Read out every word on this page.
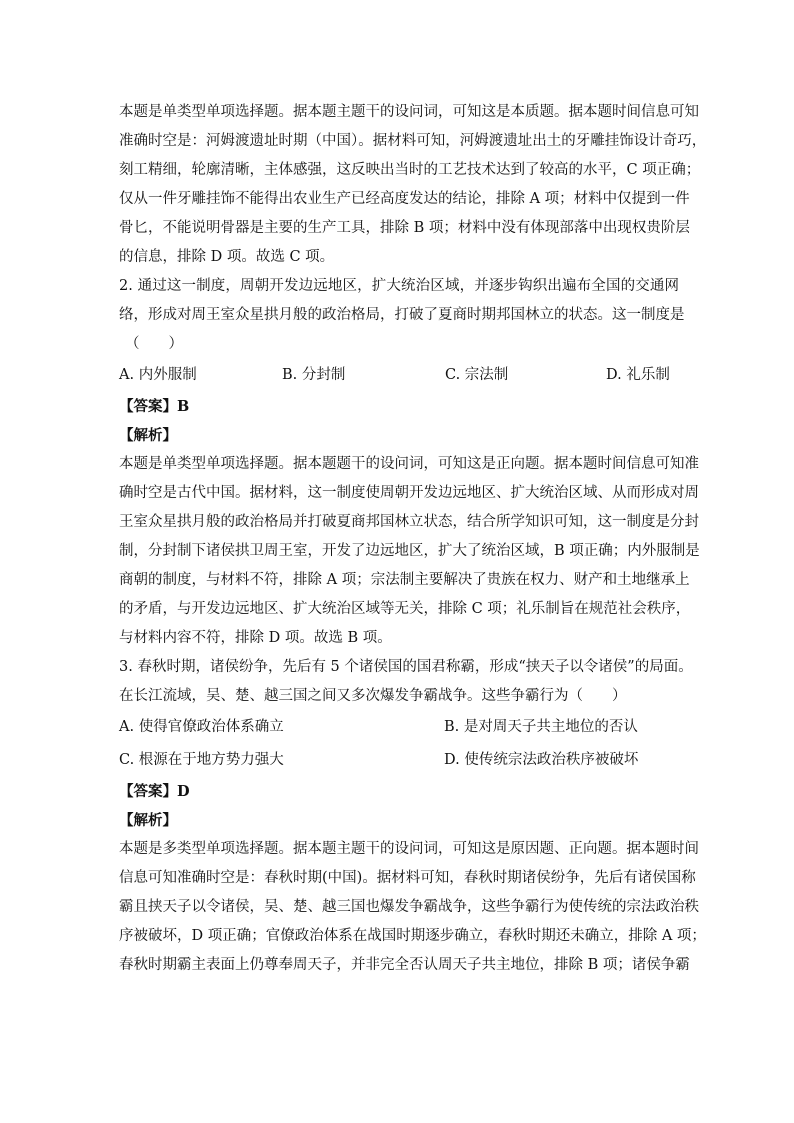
本题是单类型单项选择题。据本题主题干的设问词，可知这是本质题。据本题时间信息可知
准确时空是：河姆渡遗址时期（中国）。据材料可知，河姆渡遗址出土的牙雕挂饰设计奇巧，
刻工精细，轮廓清晰，主体感强，这反映出当时的工艺技术达到了较高的水平，C 项正确；
仅从一件牙雕挂饰不能得出农业生产已经高度发达的结论，排除 A 项；材料中仅提到一件
骨匕，不能说明骨器是主要的生产工具，排除 B 项；材料中没有体现部落中出现权贵阶层
的信息，排除 D 项。故选 C 项。
2. 通过这一制度，周朝开发边远地区，扩大统治区域，并逐步钩织出遍布全国的交通网
络，形成对周王室众星拱月般的政治格局，打破了夏商时期邦国林立的状态。这一制度是
（　　）
A. 内外服制	B. 分封制	C. 宗法制	D. 礼乐制
【答案】B
【解析】
本题是单类型单项选择题。据本题题干的设问词，可知这是正向题。据本题时间信息可知准
确时空是古代中国。据材料，这一制度使周朝开发边远地区、扩大统治区域、从而形成对周
王室众星拱月般的政治格局并打破夏商邦国林立状态，结合所学知识可知，这一制度是分封
制，分封制下诸侯拱卫周王室，开发了边远地区，扩大了统治区域，B 项正确；内外服制是
商朝的制度，与材料不符，排除 A 项；宗法制主要解决了贵族在权力、财产和土地继承上
的矛盾，与开发边远地区、扩大统治区域等无关，排除 C 项；礼乐制旨在规范社会秩序，
与材料内容不符，排除 D 项。故选 B 项。
3. 春秋时期，诸侯纷争，先后有 5 个诸侯国的国君称霸，形成“挟天子以令诸侯”的局面。
在长江流域，吴、楚、越三国之间又多次爆发争霸战争。这些争霸行为（　　）
A. 使得官僚政治体系确立	B. 是对周天子共主地位的否认
C. 根源在于地方势力强大	D. 使传统宗法政治秩序被破坏
【答案】D
【解析】
本题是多类型单项选择题。据本题主题干的设问词，可知这是原因题、正向题。据本题时间
信息可知准确时空是：春秋时期(中国)。据材料可知，春秋时期诸侯纷争，先后有诸侯国称
霸且挟天子以令诸侯，吴、楚、越三国也爆发争霸战争，这些争霸行为使传统的宗法政治秩
序被破坏，D 项正确；官僚政治体系在战国时期逐步确立，春秋时期还未确立，排除 A 项；
春秋时期霸主表面上仍尊奉周天子，并非完全否认周天子共主地位，排除 B 项；诸侯争霸
